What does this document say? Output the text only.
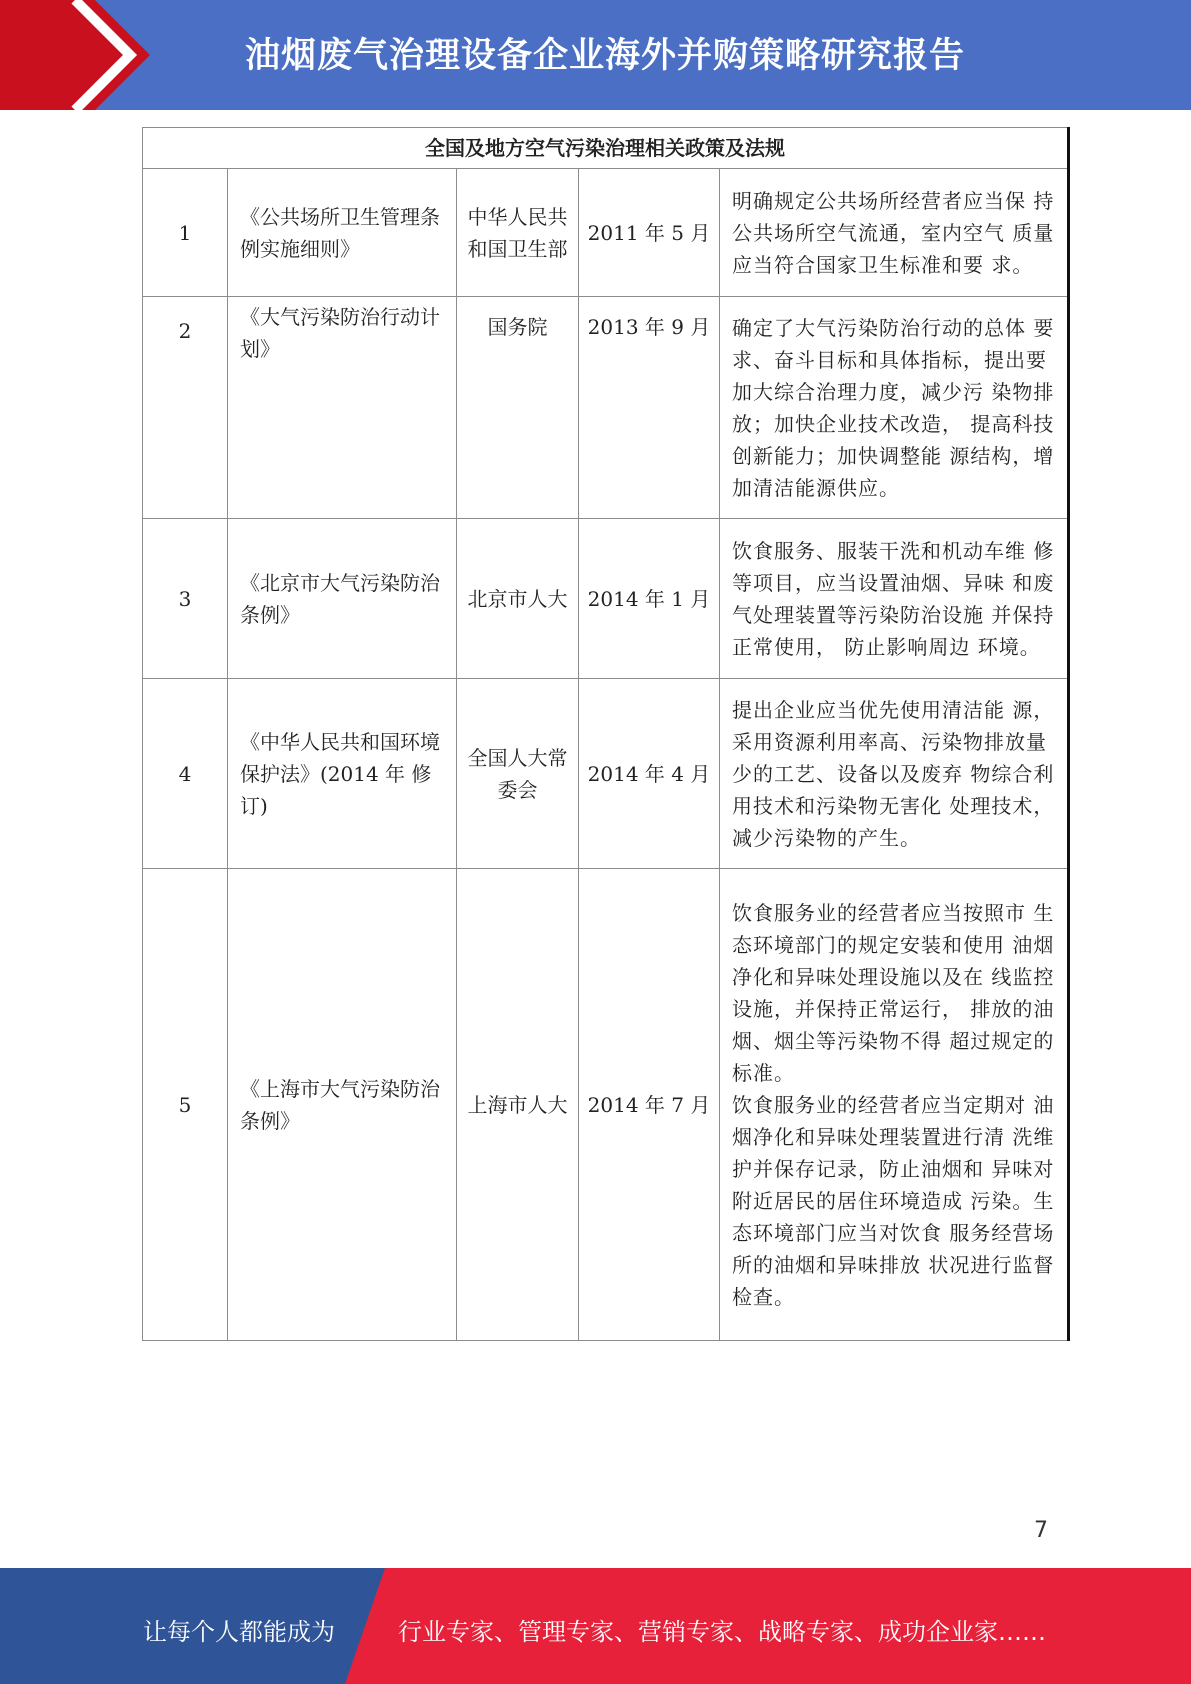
油烟废气治理设备企业海外并购策略研究报告
全国及地方空气污染治理相关政策及法规				
1	《公共场所卫生管理条例实施细则》	中华人民共和国卫生部	2011 年 5 月	明确规定公共场所经营者应当保 持公共场所空气流通，室内空气 质量应当符合国家卫生标准和要 求。
2	《大气污染防治行动计划》	国务院	2013 年 9 月	确定了大气污染防治行动的总体 要求、奋斗目标和具体指标，提出要加大综合治理力度，减少污 染物排放；加快企业技术改造， 提高科技创新能力；加快调整能 源结构，增加清洁能源供应。
3	《北京市大气污染防治条例》	北京市人大	2014 年 1 月	饮食服务、服装干洗和机动车维 修等项目，应当设置油烟、异味 和废气处理装置等污染防治设施 并保持正常使用， 防止影响周边 环境。
4	《中华人民共和国环境保护法》(2014 年 修订)	全国人大常委会	2014 年 4 月	提出企业应当优先使用清洁能 源，采用资源利用率高、污染物排放量少的工艺、设备以及废弃 物综合利用技术和污染物无害化 处理技术， 减少污染物的产生。
5	《上海市大气污染防治条例》	上海市人大	2014 年 7 月	饮食服务业的经营者应当按照市 生态环境部门的规定安装和使用 油烟净化和异味处理设施以及在 线监控设施，并保持正常运行， 排放的油烟、烟尘等污染物不得 超过规定的标准。
饮食服务业的经营者应当定期对 油烟净化和异味处理装置进行清 洗维护并保存记录，防止油烟和 异味对附近居民的居住环境造成 污染。生态环境部门应当对饮食 服务经营场所的油烟和异味排放 状况进行监督检查。
7
让每个人都能成为	行业专家、管理专家、营销专家、战略专家、成功企业家……
